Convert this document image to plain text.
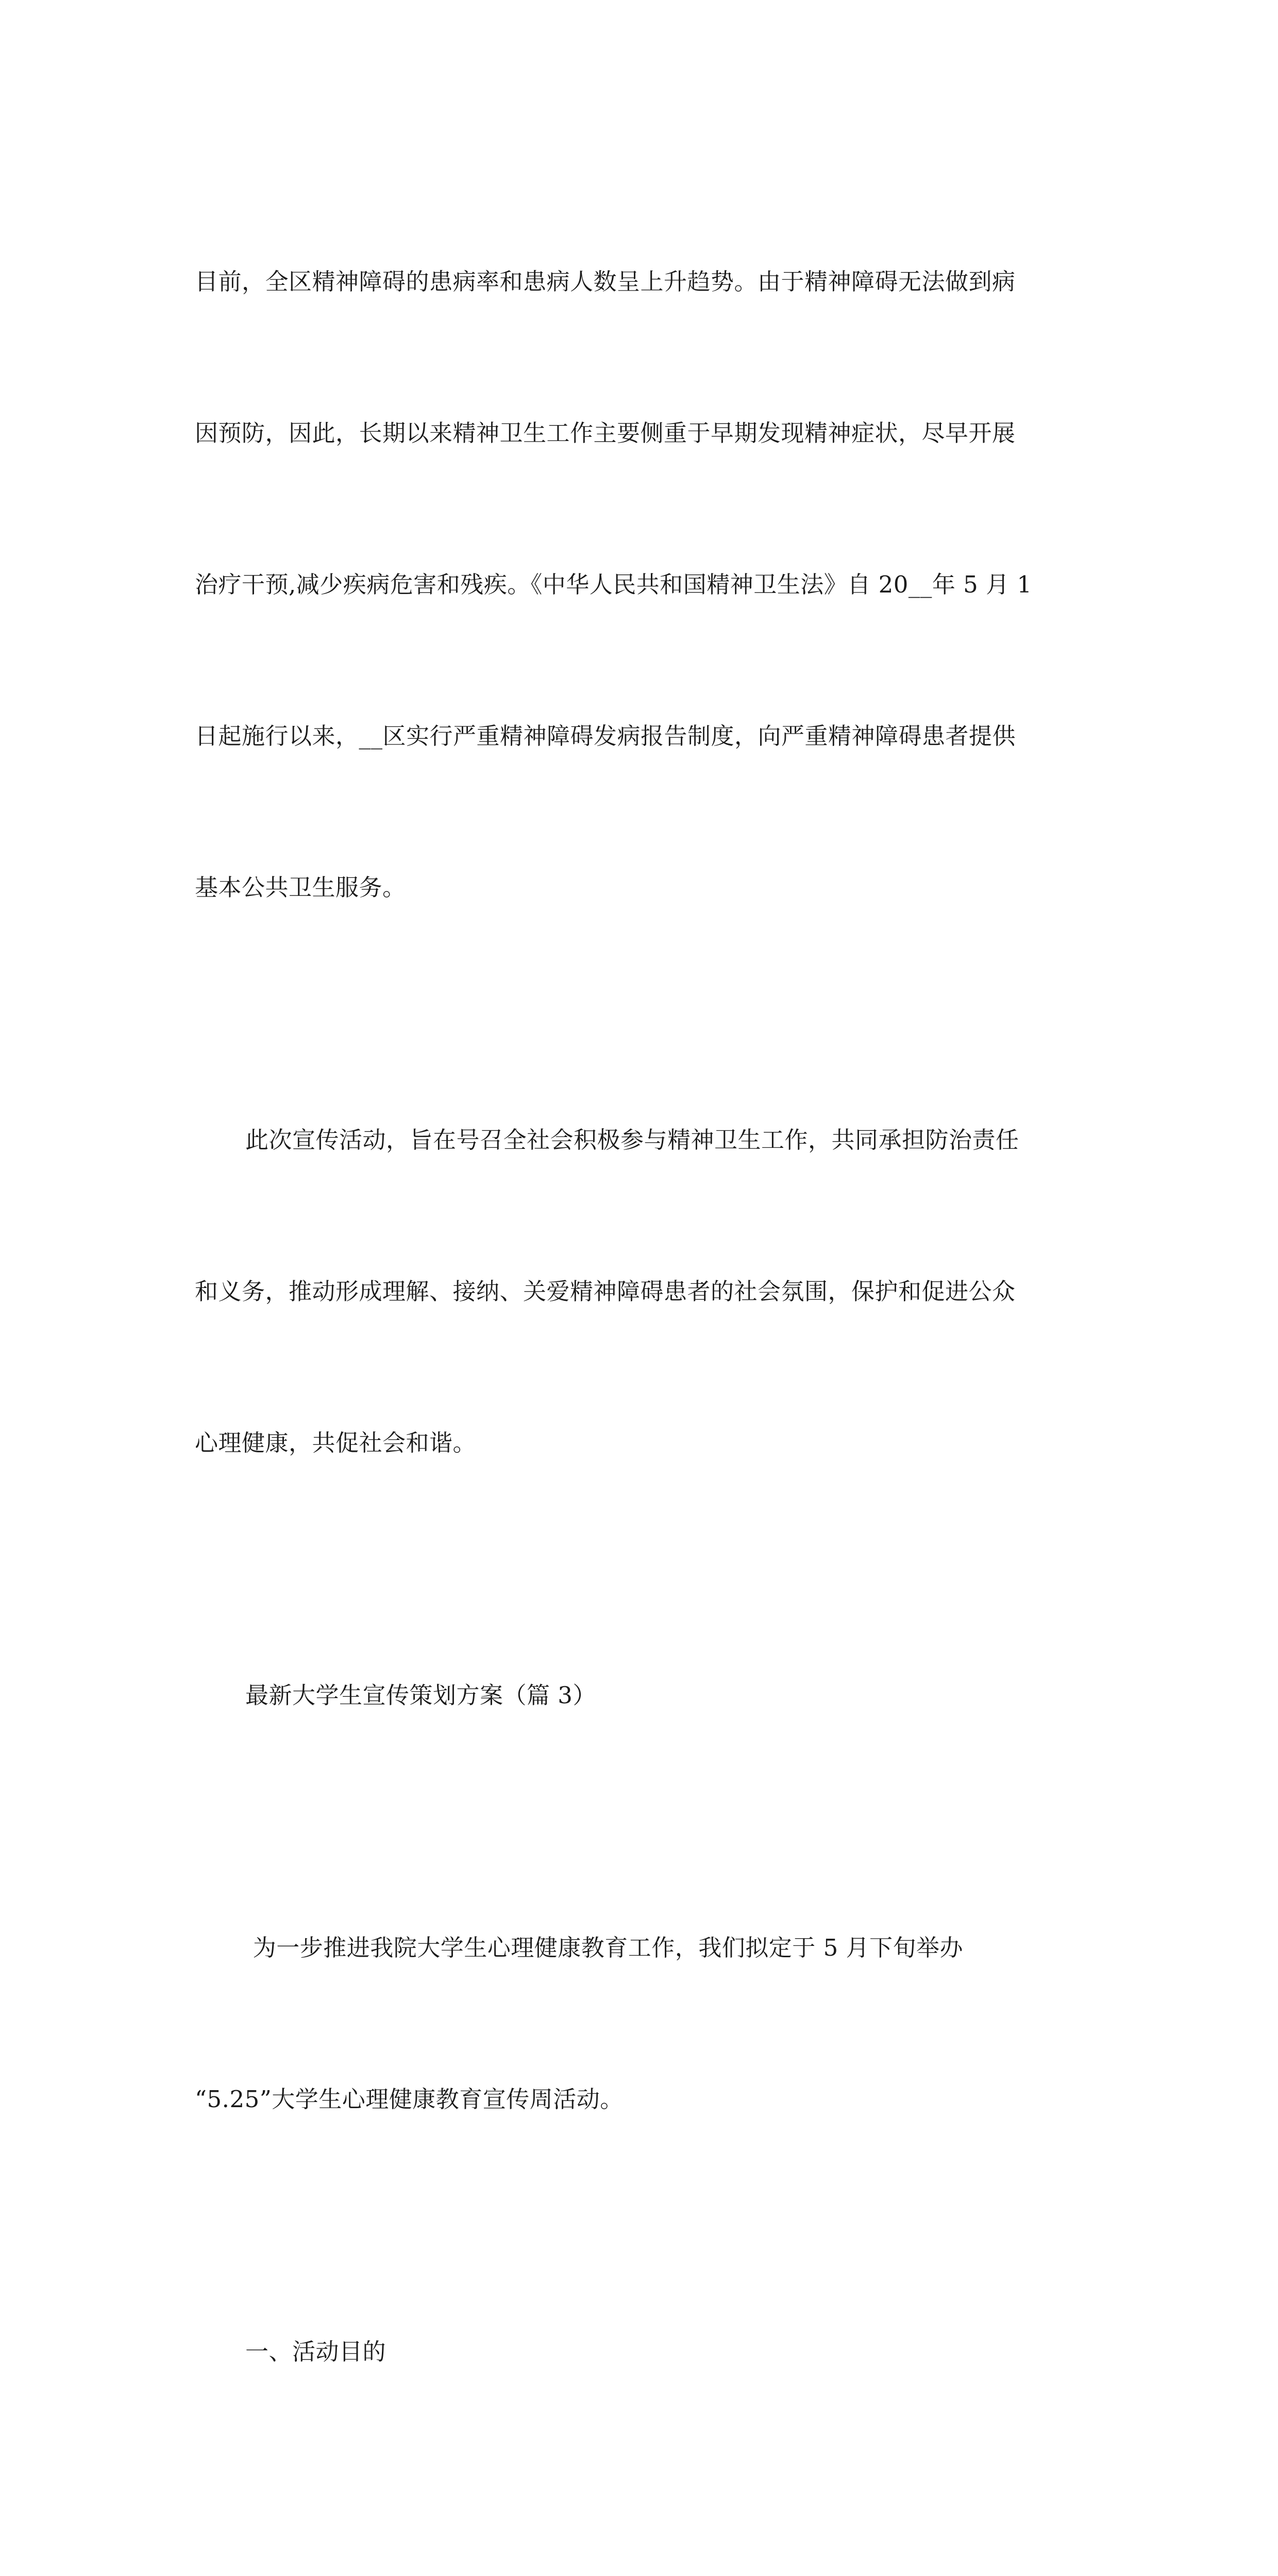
目前，全区精神障碍的患病率和患病人数呈上升趋势。由于精神障碍无法做到病

因预防，因此，长期以来精神卫生工作主要侧重于早期发现精神症状，尽早开展

治疗干预,减少疾病危害和残疾。《中华人民共和国精神卫生法》自 20__年 5 月 1

日起施行以来，__区实行严重精神障碍发病报告制度，向严重精神障碍患者提供

基本公共卫生服务。

此次宣传活动，旨在号召全社会积极参与精神卫生工作，共同承担防治责任

和义务，推动形成理解、接纳、关爱精神障碍患者的社会氛围，保护和促进公众

心理健康，共促社会和谐。

最新大学生宣传策划方案（篇 3）

为一步推进我院大学生心理健康教育工作，我们拟定于 5 月下旬举办

“5.25”大学生心理健康教育宣传周活动。

一、活动目的
